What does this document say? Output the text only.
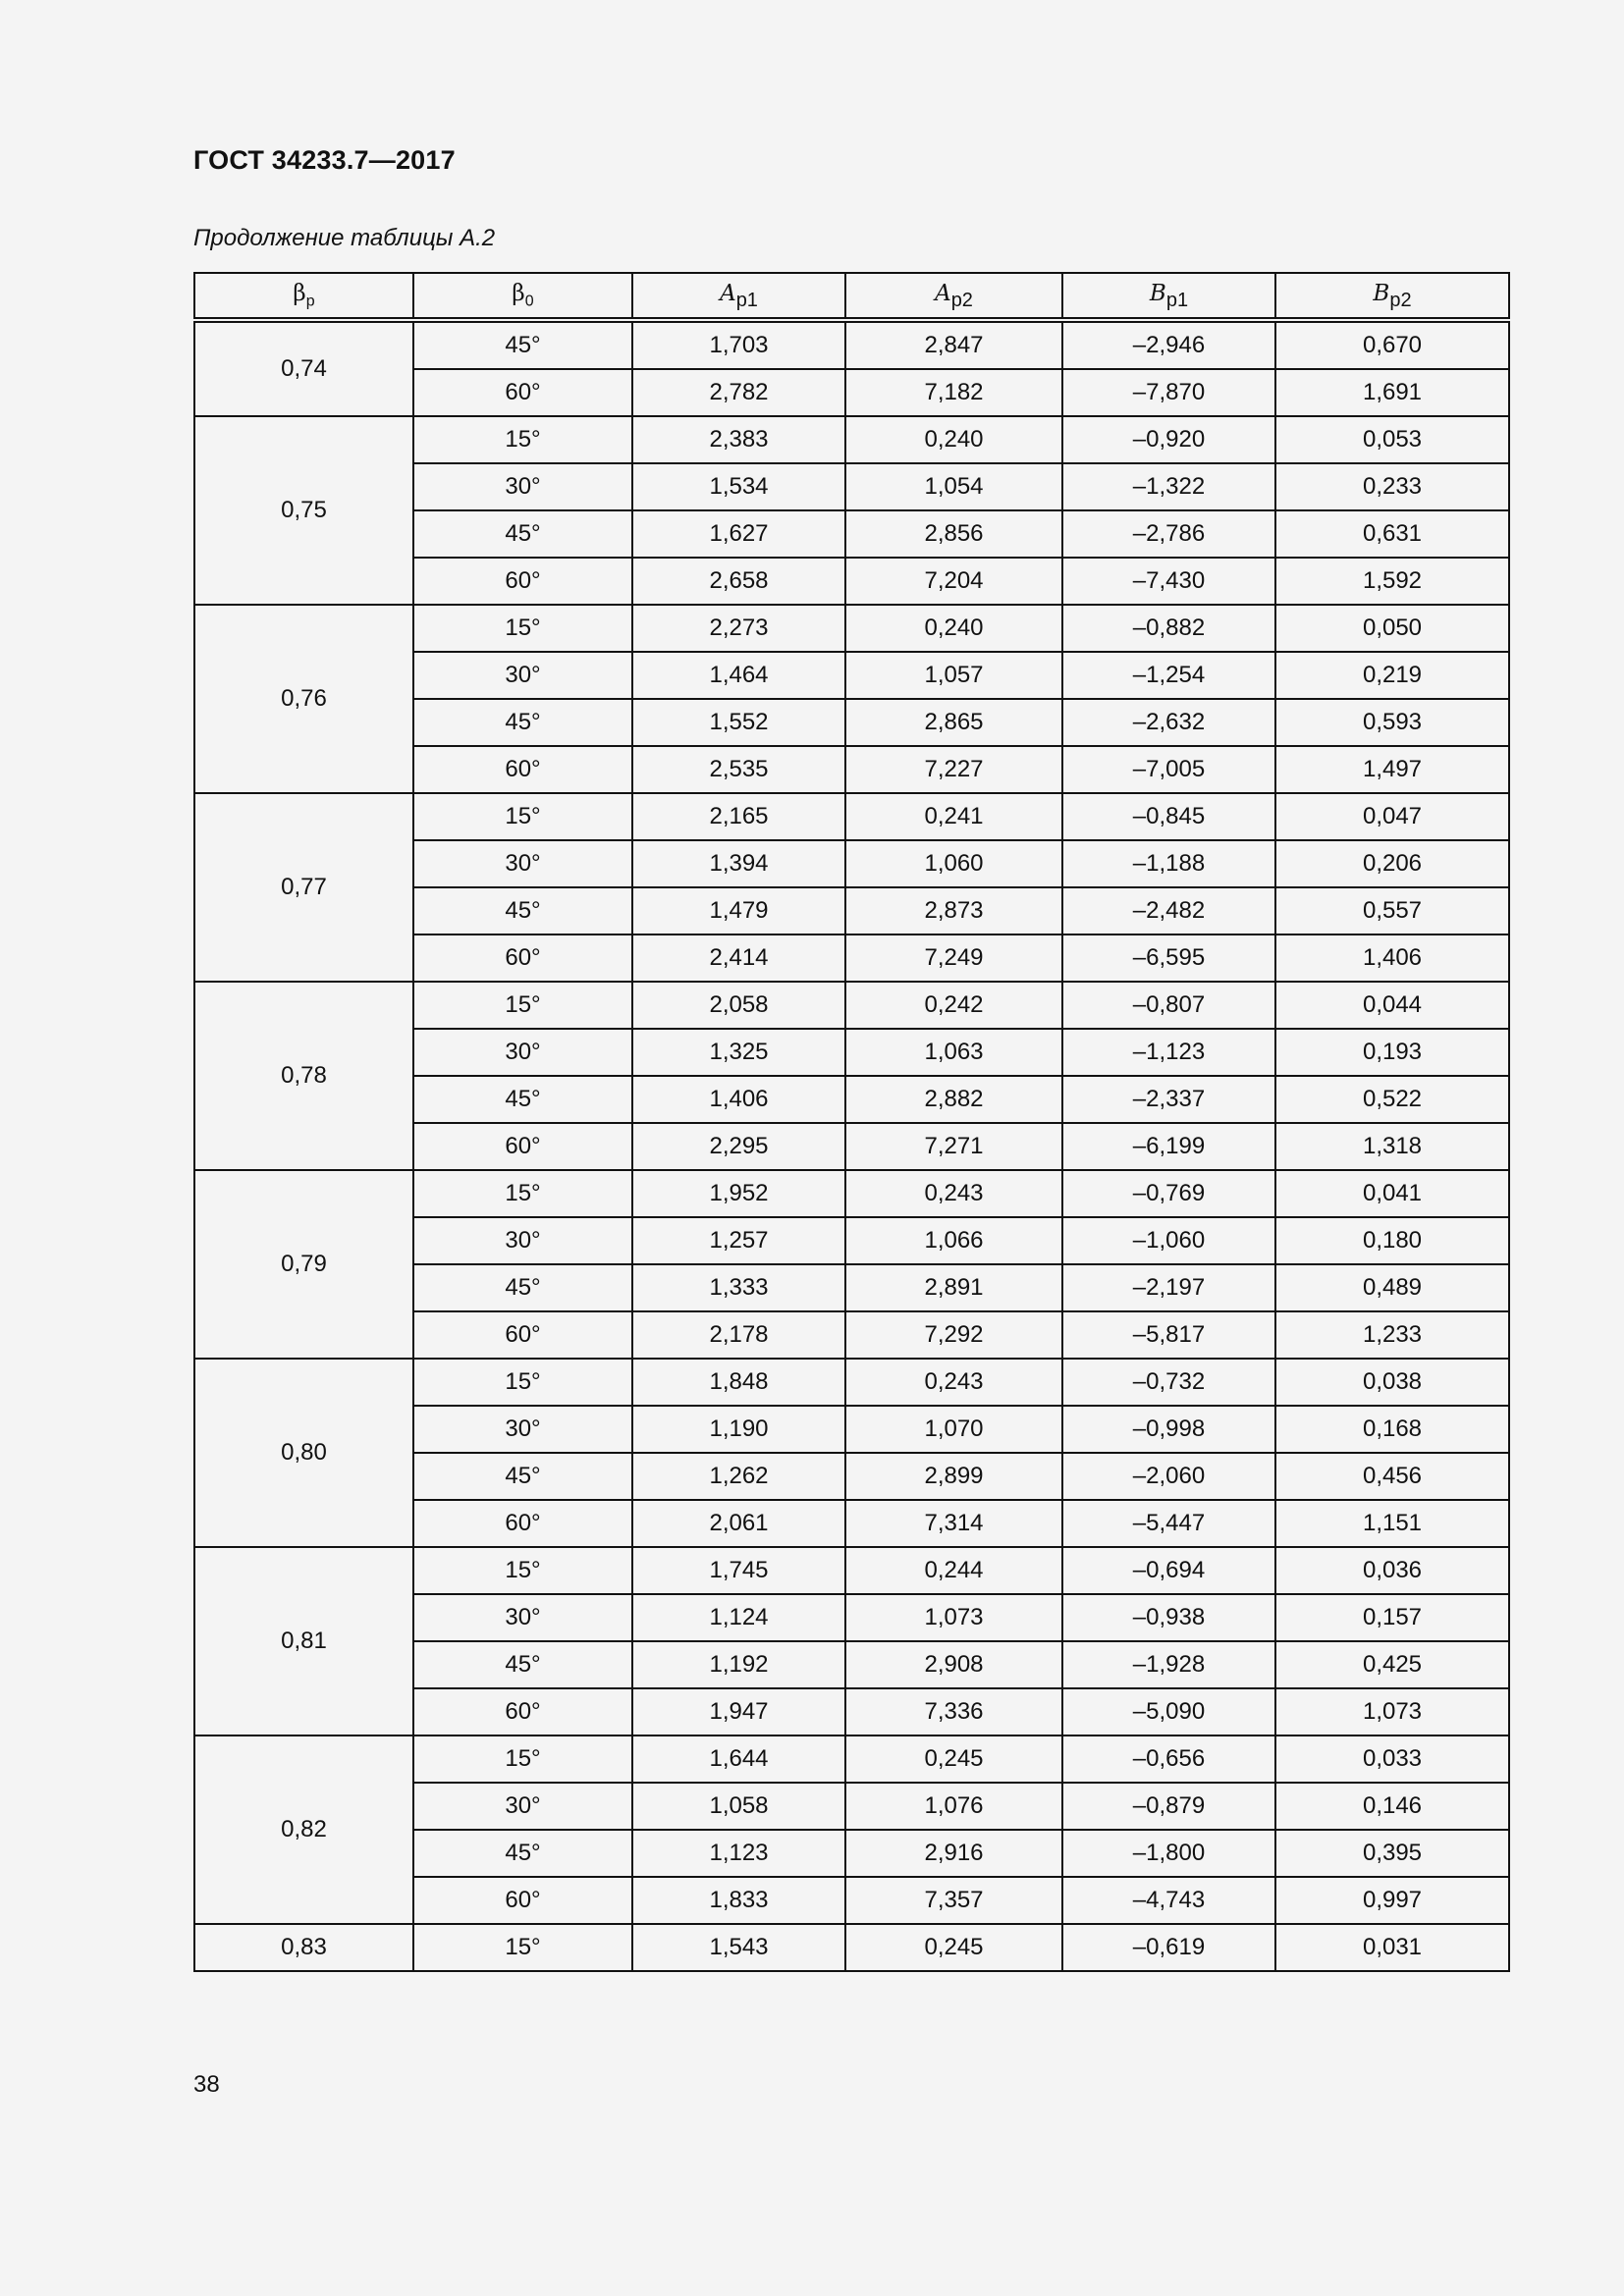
ГОСТ 34233.7—2017
Продолжение таблицы А.2
$\beta_р$	$\beta_0$	$A_{p1}$	$A_{p2}$	$B_{p1}$	$B_{p2}$
0,74	45°	1,703	2,847	–2,946	0,670
	60°	2,782	7,182	–7,870	1,691
0,75	15°	2,383	0,240	–0,920	0,053
	30°	1,534	1,054	–1,322	0,233
	45°	1,627	2,856	–2,786	0,631
	60°	2,658	7,204	–7,430	1,592
0,76	15°	2,273	0,240	–0,882	0,050
	30°	1,464	1,057	–1,254	0,219
	45°	1,552	2,865	–2,632	0,593
	60°	2,535	7,227	–7,005	1,497
0,77	15°	2,165	0,241	–0,845	0,047
	30°	1,394	1,060	–1,188	0,206
	45°	1,479	2,873	–2,482	0,557
	60°	2,414	7,249	–6,595	1,406
0,78	15°	2,058	0,242	–0,807	0,044
	30°	1,325	1,063	–1,123	0,193
	45°	1,406	2,882	–2,337	0,522
	60°	2,295	7,271	–6,199	1,318
0,79	15°	1,952	0,243	–0,769	0,041
	30°	1,257	1,066	–1,060	0,180
	45°	1,333	2,891	–2,197	0,489
	60°	2,178	7,292	–5,817	1,233
0,80	15°	1,848	0,243	–0,732	0,038
	30°	1,190	1,070	–0,998	0,168
	45°	1,262	2,899	–2,060	0,456
	60°	2,061	7,314	–5,447	1,151
0,81	15°	1,745	0,244	–0,694	0,036
	30°	1,124	1,073	–0,938	0,157
	45°	1,192	2,908	–1,928	0,425
	60°	1,947	7,336	–5,090	1,073
0,82	15°	1,644	0,245	–0,656	0,033
	30°	1,058	1,076	–0,879	0,146
	45°	1,123	2,916	–1,800	0,395
	60°	1,833	7,357	–4,743	0,997
0,83	15°	1,543	0,245	–0,619	0,031
38
